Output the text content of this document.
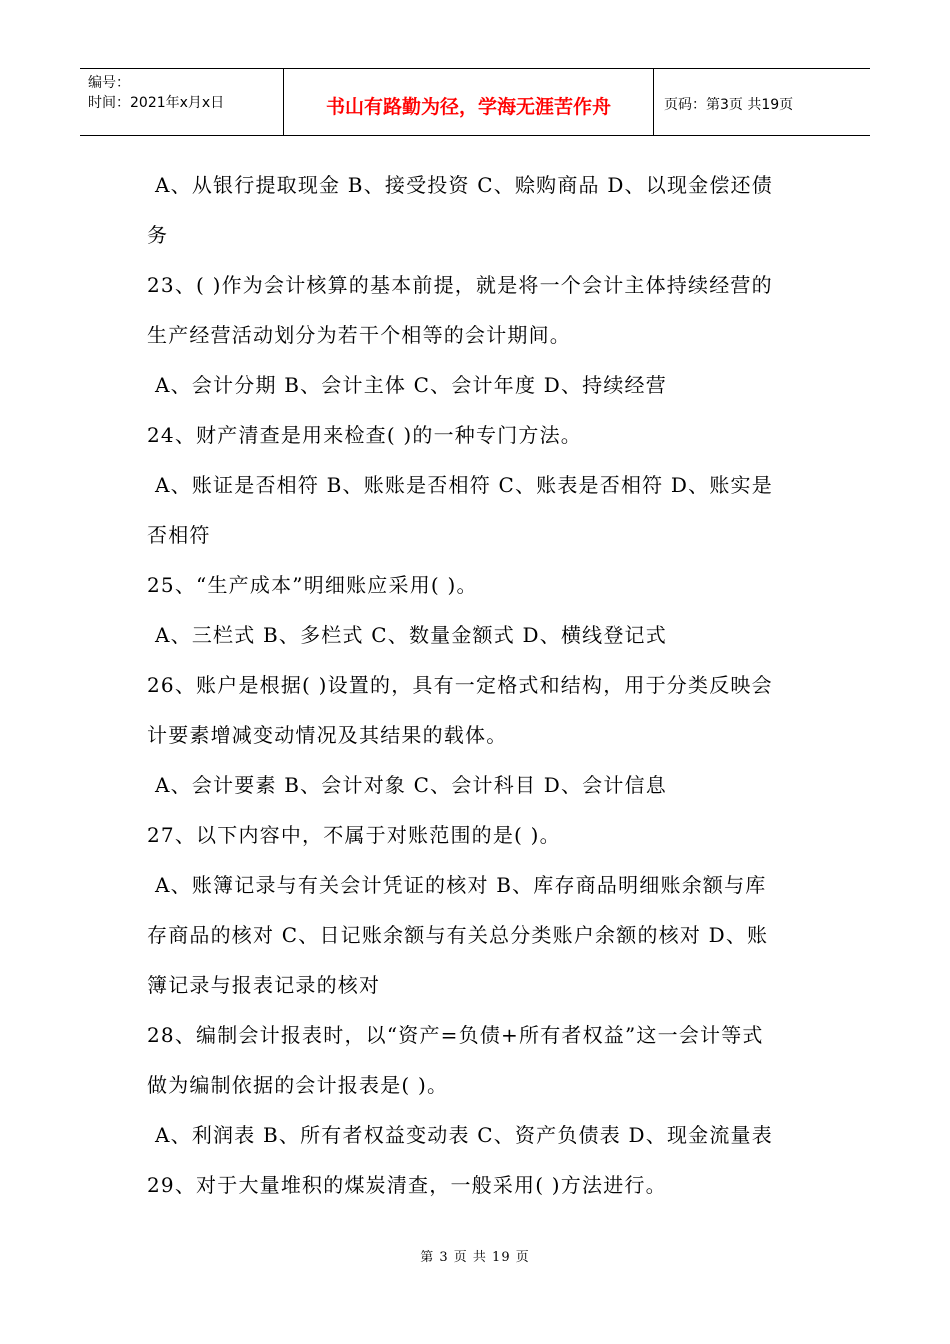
编号：
时间：2021年x月x日	书山有路勤为径，学海无涯苦作舟	页码：第3页 共19页
A、从银行提取现金 B、接受投资 C、赊购商品 D、以现金偿还债
务
23、( )作为会计核算的基本前提，就是将一个会计主体持续经营的
生产经营活动划分为若干个相等的会计期间。
A、会计分期 B、会计主体 C、会计年度 D、持续经营
24、财产清查是用来检查( )的一种专门方法。
A、账证是否相符 B、账账是否相符 C、账表是否相符 D、账实是
否相符
25、“生产成本”明细账应采用( )。
A、三栏式 B、多栏式 C、数量金额式 D、横线登记式
26、账户是根据( )设置的，具有一定格式和结构，用于分类反映会
计要素增减变动情况及其结果的载体。
A、会计要素 B、会计对象 C、会计科目 D、会计信息
27、以下内容中，不属于对账范围的是( )。
A、账簿记录与有关会计凭证的核对 B、库存商品明细账余额与库
存商品的核对 C、日记账余额与有关总分类账户余额的核对 D、账
簿记录与报表记录的核对
28、编制会计报表时，以“资产=负债+所有者权益”这一会计等式
做为编制依据的会计报表是( )。
A、利润表 B、所有者权益变动表 C、资产负债表 D、现金流量表
29、对于大量堆积的煤炭清查，一般采用( )方法进行。
第 3 页 共 19 页
